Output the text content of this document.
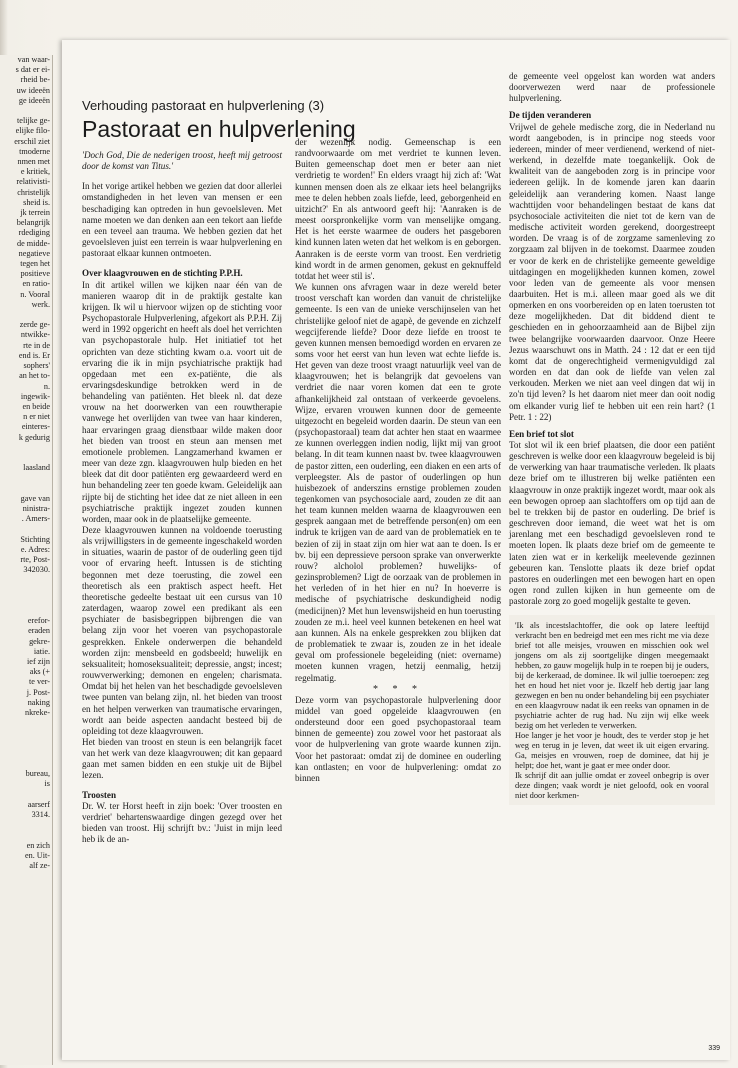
van waar-
s dat er ei-
rheid be-
uw ideeën
ge ideeën

telijke ge-
elijke filo-
erschil ziet
tmoderne
nmen met
e kritiek,
relativisti-
christelijk
sheid is.
jk terrein
belangrijk
rdediging
de midde-
negatieve
tegen het
positieve
en ratio-
n. Vooral
werk.

zerde ge-
ntwikke-
rte in de
end is. Er
sophers'
an het to-
n.
ingewik-
en beide
n er niet
einteres-
k gedurig

laasland

gave van
ninistra-
. Amers-

Stichting
e. Adres:
rte, Post-
342030.

erefor-
eraden
gekre-
iatie.
ief zijn
aks (+
te ver-
j. Post-
naking
nkreke-

bureau,
is

aarserf
3314.

en zich
en. Uit-
alf ze-
Verhouding pastoraat en hulpverlening (3)
Pastoraat en hulpverlening

'Doch God, Die de nederigen troost, heeft mij getroost door de komst van Titus.'

In het vorige artikel hebben we gezien dat door allerlei omstandigheden in het leven van mensen er een beschadiging kan optreden in hun gevoelsleven. Met name moeten we dan denken aan een tekort aan liefde en een teveel aan trauma. We hebben gezien dat het gevoelsleven juist een terrein is waar hulpverlening en pastoraat elkaar kunnen ontmoeten.

Over klaagvrouwen en de stichting P.P.H.

In dit artikel willen we kijken naar één van de manieren waarop dit in de praktijk gestalte kan krijgen. Ik wil u hiervoor wijzen op de stichting voor Psychopastorale Hulpverlening, afgekort als P.P.H. Zij werd in 1992 opgericht en heeft als doel het verrichten van psychopastorale hulp. Het initiatief tot het oprichten van deze stichting kwam o.a. voort uit de ervaring die ik in mijn psychiatrische praktijk had opgedaan met een ex-patiënte, die als ervaringsdeskundige betrokken werd in de behandeling van patiënten. Het bleek nl. dat deze vrouw na het doorwerken van een rouwtherapie vanwege het overlijden van twee van haar kinderen, haar ervaringen graag dienstbaar wilde maken door het bieden van troost en steun aan mensen met emotionele problemen. Langzamerhand kwamen er meer van deze zgn. klaagvrouwen hulp bieden en het bleek dat dit door patiënten erg gewaardeerd werd en hun behandeling zeer ten goede kwam. Geleidelijk aan rijpte bij de stichting het idee dat ze niet alleen in een psychiatrische praktijk ingezet zouden kunnen worden, maar ook in de plaatselijke gemeente.

Deze klaagvrouwen kunnen na voldoende toerusting als vrijwilligsters in de gemeente ingeschakeld worden in situaties, waarin de pastor of de ouderling geen tijd voor of ervaring heeft. Intussen is de stichting begonnen met deze toerusting, die zowel een theoretisch als een praktisch aspect heeft. Het theoretische gedeelte bestaat uit een cursus van 10 zaterdagen, waarop zowel een predikant als een psychiater de basisbegrippen bijbrengen die van belang zijn voor het voeren van psychopastorale gesprekken. Enkele onderwerpen die behandeld worden zijn: mensbeeld en godsbeeld; huwelijk en seksualiteit; homoseksualiteit; depressie, angst; incest; rouwverwerking; demonen en engelen; charismata. Omdat bij het helen van het beschadigde gevoelsleven twee punten van belang zijn, nl. het bieden van troost en het helpen verwerken van traumatische ervaringen, wordt aan beide aspecten aandacht besteed bij de opleiding tot deze klaagvrouwen.

Het bieden van troost en steun is een belangrijk facet van het werk van deze klaagvrouwen; dit kan gepaard gaan met samen bidden en een stukje uit de Bijbel lezen.

Troosten

Dr. W. ter Horst heeft in zijn boek: 'Over troosten en verdriet' behartenswaardige dingen gezegd over het bieden van troost. Hij schrijft bv.: 'Juist in mijn leed heb ik de an-

der wezenlijk nodig. Gemeenschap is een randvoorwaarde om met verdriet te kunnen leven. Buiten gemeenschap doet men er beter aan niet verdrietig te worden!' En elders vraagt hij zich af: 'Wat kunnen mensen doen als ze elkaar iets heel belangrijks mee te delen hebben zoals liefde, leed, geborgenheid en uitzicht?' En als antwoord geeft hij: 'Aanraken is de meest oorspronkelijke vorm van menselijke omgang. Het is het eerste waarmee de ouders het pasgeboren kind kunnen laten weten dat het welkom is en geborgen. Aanraken is de eerste vorm van troost. Een verdrietig kind wordt in de armen genomen, gekust en geknuffeld totdat het weer stil is'.

We kunnen ons afvragen waar in deze wereld beter troost verschaft kan worden dan vanuit de christelijke gemeente. Is een van de unieke verschijnselen van het christelijke geloof niet de agapè, de gevende en zichzelf wegcijferende liefde? Door deze liefde en troost te geven kunnen mensen bemoedigd worden en ervaren ze soms voor het eerst van hun leven wat echte liefde is. Het geven van deze troost vraagt natuurlijk veel van de klaagvrouwen; het is belangrijk dat gevoelens van verdriet die naar voren komen dat een te grote afhankelijkheid zal ontstaan of verkeerde gevoelens. Wijze, ervaren vrouwen kunnen door de gemeente uitgezocht en begeleid worden daarin. De steun van een (psychopastoraal) team dat achter hen staat en waarmee ze kunnen overleggen indien nodig, lijkt mij van groot belang. In dit team kunnen naast bv. twee klaagvrouwen de pastor zitten, een ouderling, een diaken en een arts of verpleegster. Als de pastor of ouderlingen op hun huisbezoek of anderszins ernstige problemen zouden tegenkomen van psychosociale aard, zouden ze dit aan het team kunnen melden waarna de klaagvrouwen een gesprek aangaan met de betreffende person(en) om een indruk te krijgen van de aard van de problematiek en te bezien of zij in staat zijn om hier wat aan te doen. Is er bv. bij een depressieve persoon sprake van onverwerkte rouw? alcholol problemen? huwelijks- of gezinsproblemen? Ligt de oorzaak van de problemen in het verleden of in het hier en nu? In hoeverre is medische of psychiatrische deskundigheid nodig (medicijnen)? Met hun levenswijsheid en hun toerusting zouden ze m.i. heel veel kunnen betekenen en heel wat aan kunnen. Als na enkele gesprekken zou blijken dat de problematiek te zwaar is, zouden ze in het ideale geval om professionele begeleiding (niet: overname) moeten kunnen vragen, hetzij eenmalig, hetzij regelmatig.

* * *

Deze vorm van psychopastorale hulpverlening door middel van goed opgeleide klaagvrouwen (en ondersteund door een goed psychopastoraal team binnen de gemeente) zou zowel voor het pastoraat als voor de hulpverlening van grote waarde kunnen zijn. Voor het pastoraat: omdat zij de dominee en ouderling kan ontlasten; en voor de hulpverlening: omdat zo binnen

de gemeente veel opgelost kan worden wat anders doorverwezen werd naar de professionele hulpverlening.

De tijden veranderen

Vrijwel de gehele medische zorg, die in Nederland nu wordt aangeboden, is in principe nog steeds voor iedereen, minder of meer verdienend, werkend of niet-werkend, in dezelfde mate toegankelijk. Ook de kwaliteit van de aangeboden zorg is in principe voor iedereen gelijk. In de komende jaren kan daarin geleidelijk aan verandering komen. Naast lange wachttijden voor behandelingen bestaat de kans dat psychosociale activiteiten die niet tot de kern van de medische activiteit worden gerekend, doorgestreept worden. De vraag is of de zorgzame samenleving zo zorgzaam zal blijven in de toekomst. Daarmee zouden er voor de kerk en de christelijke gemeente geweldige uitdagingen en mogelijkheden kunnen komen, zowel voor leden van de gemeente als voor mensen daarbuiten. Het is m.i. alleen maar goed als we dit opmerken en ons voorbereiden op en laten toerusten tot deze mogelijkheden. Dat dit biddend dient te geschieden en in gehoorzaamheid aan de Bijbel zijn twee belangrijke voorwaarden daarvoor. Onze Heere Jezus waarschuwt ons in Matth. 24 : 12 dat er een tijd komt dat de ongerechtigheid vermenigvuldigd zal worden en dat dan ook de liefde van velen zal verkouden. Merken we niet aan veel dingen dat wij in zo'n tijd leven? Is het daarom niet meer dan ooit nodig om elkander vurig lief te hebben uit een rein hart? (1 Petr. 1 : 22)

Een brief tot slot

Tot slot wil ik een brief plaatsen, die door een patiënt geschreven is welke door een klaagvrouw begeleid is bij de verwerking van haar traumatische verleden. Ik plaats deze brief om te illustreren bij welke patiënten een klaagvrouw in onze praktijk ingezet wordt, maar ook als een bewogen oproep aan slachtoffers om op tijd aan de bel te trekken bij de pastor en ouderling. De brief is geschreven door iemand, die weet wat het is om jarenlang met een beschadigd gevoelsleven rond te moeten lopen. Ik plaats deze brief om de gemeente te laten zien wat er in kerkelijk meelevende gezinnen gebeuren kan. Tenslotte plaats ik deze brief opdat pastores en ouderlingen met een bewogen hart en open ogen rond zullen kijken in hun gemeente om de pastorale zorg zo goed mogelijk gestalte te geven.

'Ik als incestslachtoffer, die ook op latere leeftijd verkracht ben en bedreigd met een mes richt me via deze brief tot alle meisjes, vrouwen en misschien ook wel jongens om als zij soortgelijke dingen meegemaakt hebben, zo gauw mogelijk hulp in te roepen bij je ouders, bij de kerkeraad, de dominee. Ik wil jullie toeroepen: zeg het en houd het niet voor je. Ikzelf heb dertig jaar lang gezwegen en ben nu onder behandeling bij een psychiater en een klaagvrouw nadat ik een reeks van opnamen in de psychiatrie achter de rug had. Nu zijn wij elke week bezig om het verleden te verwerken.

Hoe langer je het voor je houdt, des te verder stop je het weg en terug in je leven, dat weet ik uit eigen ervaring. Ga, meisjes en vrouwen, roep de dominee, dat hij je helpt; doe het, want je gaat er mee onder door.

Ik schrijf dit aan jullie omdat er zoveel onbegrip is over deze dingen; vaak wordt je niet geloofd, ook en vooral niet door kerkmen-

339
